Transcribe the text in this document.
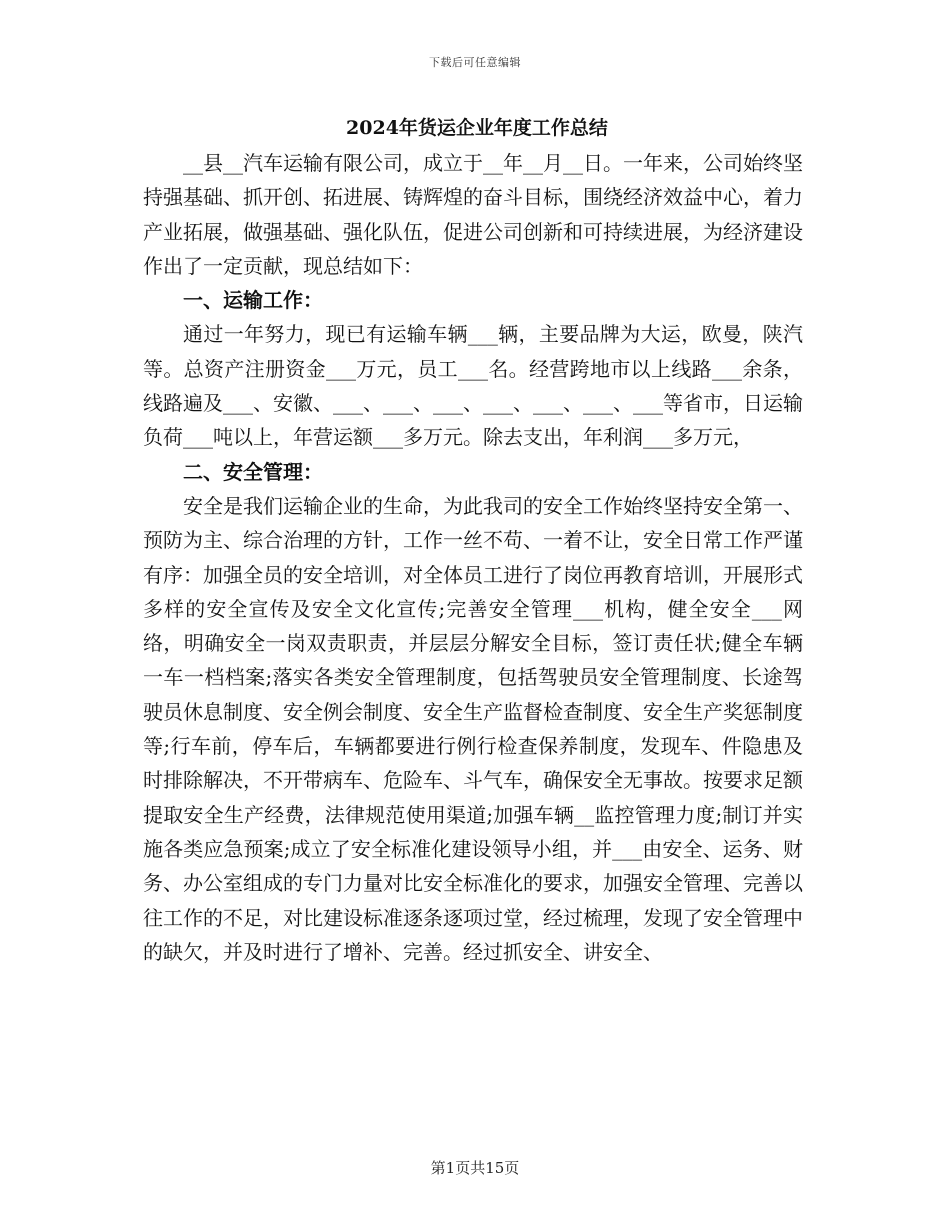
下载后可任意编辑
2024年货运企业年度工作总结

__县__汽车运输有限公司，成立于__年__月__日。一年来，公司始终坚持强基础、抓开创、拓进展、铸辉煌的奋斗目标，围绕经济效益中心，着力产业拓展，做强基础、强化队伍，促进公司创新和可持续进展，为经济建设作出了一定贡献，现总结如下：

一、运输工作：

通过一年努力，现已有运输车辆___辆，主要品牌为大运，欧曼，陕汽等。总资产注册资金___万元，员工___名。经营跨地市以上线路___余条，线路遍及___、安徽、___、___、___、___、___、___、___等省市，日运输负荷___吨以上，年营运额___多万元。除去支出，年利润___多万元，

二、安全管理：

安全是我们运输企业的生命，为此我司的安全工作始终坚持安全第一、预防为主、综合治理的方针，工作一丝不苟、一着不让，安全日常工作严谨有序：加强全员的安全培训，对全体员工进行了岗位再教育培训，开展形式多样的安全宣传及安全文化宣传;完善安全管理___机构，健全安全___网络，明确安全一岗双责职责，并层层分解安全目标，签订责任状;健全车辆一车一档档案;落实各类安全管理制度，包括驾驶员安全管理制度、长途驾驶员休息制度、安全例会制度、安全生产监督检查制度、安全生产奖惩制度等;行车前，停车后，车辆都要进行例行检查保养制度，发现车、件隐患及时排除解决，不开带病车、危险车、斗气车，确保安全无事故。按要求足额提取安全生产经费，法律规范使用渠道;加强车辆__监控管理力度;制订并实施各类应急预案;成立了安全标准化建设领导小组，并___由安全、运务、财务、办公室组成的专门力量对比安全标准化的要求，加强安全管理、完善以往工作的不足，对比建设标准逐条逐项过堂，经过梳理，发现了安全管理中的缺欠，并及时进行了增补、完善。经过抓安全、讲安全、

第1页共15页
